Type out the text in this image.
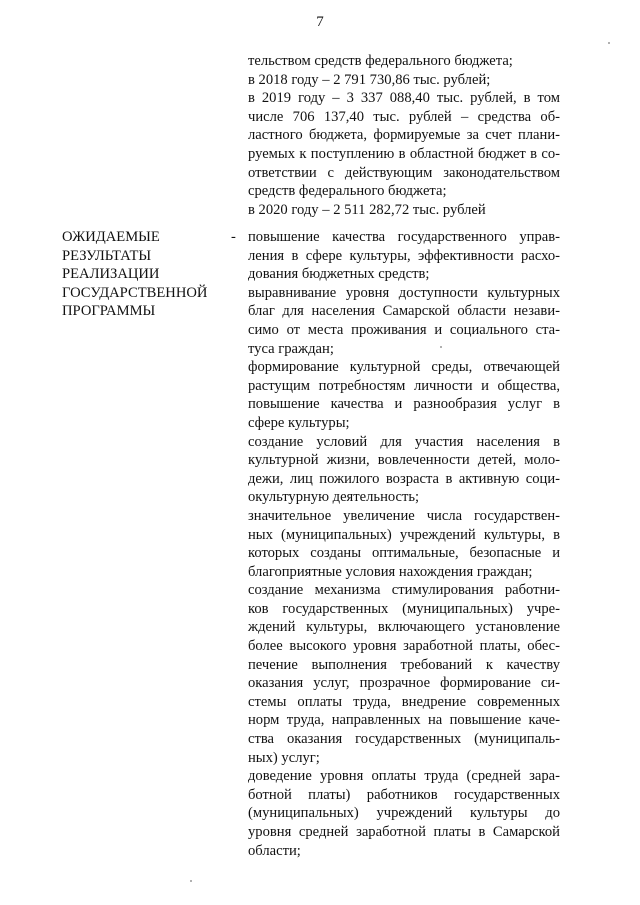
7
тельством средств федерального бюджета;
в 2018 году – 2 791 730,86 тыс. рублей;
в 2019 году – 3 337 088,40 тыс. рублей, в том
числе 706 137,40 тыс. рублей – средства об-
ластного бюджета, формируемые за счет плани-
руемых к поступлению в областной бюджет в со-
ответствии с действующим законодательством
средств федерального бюджета;
в 2020 году – 2 511 282,72 тыс. рублей
ОЖИДАЕМЫЕ
РЕЗУЛЬТАТЫ
РЕАЛИЗАЦИИ
ГОСУДАРСТВЕННОЙ
ПРОГРАММЫ
- повышение качества государственного управ-
ления в сфере культуры, эффективности расхо-
дования бюджетных средств;
выравнивание уровня доступности культурных
благ для населения Самарской области незави-
симо от места проживания и социального ста-
туса граждан;
формирование культурной среды, отвечающей
растущим потребностям личности и общества,
повышение качества и разнообразия услуг в
сфере культуры;
создание условий для участия населения в
культурной жизни, вовлеченности детей, моло-
дежи, лиц пожилого возраста в активную соци-
окультурную деятельность;
значительное увеличение числа государствен-
ных (муниципальных) учреждений культуры, в
которых созданы оптимальные, безопасные и
благоприятные условия нахождения граждан;
создание механизма стимулирования работни-
ков государственных (муниципальных) учре-
ждений культуры, включающего установление
более высокого уровня заработной платы, обес-
печение выполнения требований к качеству
оказания услуг, прозрачное формирование си-
стемы оплаты труда, внедрение современных
норм труда, направленных на повышение каче-
ства оказания государственных (муниципаль-
ных) услуг;
доведение уровня оплаты труда (средней зара-
ботной платы) работников государственных
(муниципальных) учреждений культуры до
уровня средней заработной платы в Самарской
области;
